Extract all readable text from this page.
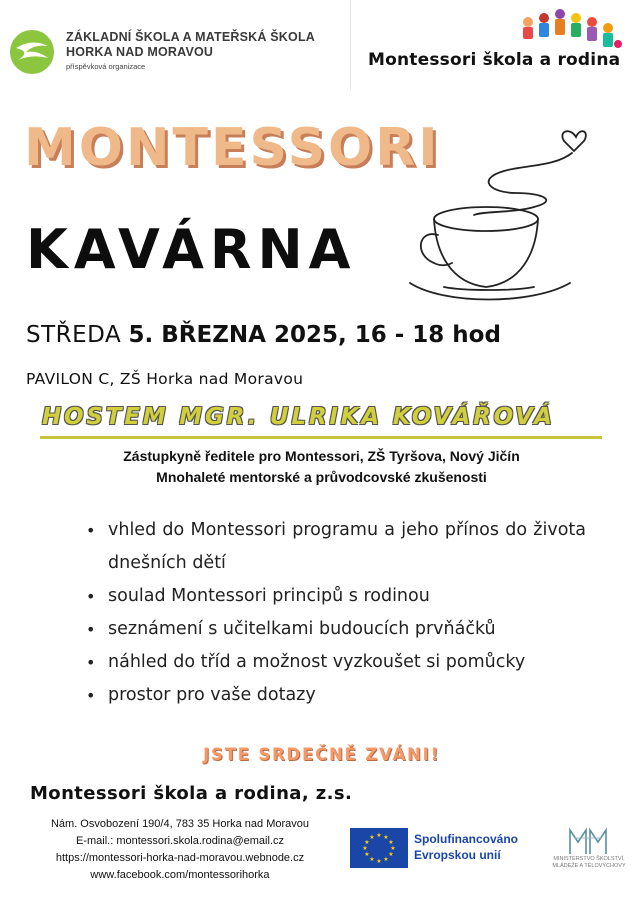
ZÁKLADNÍ ŠKOLA A MATEŘSKÁ ŠKOLA
HORKA NAD MORAVOU
příspěvková organizace	Montessori škola a rodina
MONTESSORI
KAVÁRNA
STŘEDA 5. BŘEZNA 2025, 16 - 18 hod
PAVILON C, ZŠ Horka nad Moravou
HOSTEM MGR. ULRIKA KOVÁŘOVÁ
Zástupkyně ředitele pro Montessori, ZŠ Tyršova, Nový Jičín
Mnohaleté mentorské a průvodcovské zkušenosti
• vhled do Montessori programu a jeho přínos do života dnešních dětí
• soulad Montessori principů s rodinou
• seznámení s učitelkami budoucích prvňáčků
• náhled do tříd a možnost vyzkoušet si pomůcky
• prostor pro vaše dotazy
JSTE SRDEČNĚ ZVÁNI!
Montessori škola a rodina, z.s.
Nám. Osvobození 190/4, 783 35 Horka nad Moravou
E-mail.: montessori.skola.rodina@email.cz
https://montessori-horka-nad-moravou.webnode.cz
www.facebook.com/montessorihorka
★ ★
★
★
★
★
★
★
★
★
★
★	Spolufinancováno
Evropskou unií	MINISTERSTVO ŠKOLSTVÍ,
MLÁDEŽE A TĚLOVÝCHOVY
